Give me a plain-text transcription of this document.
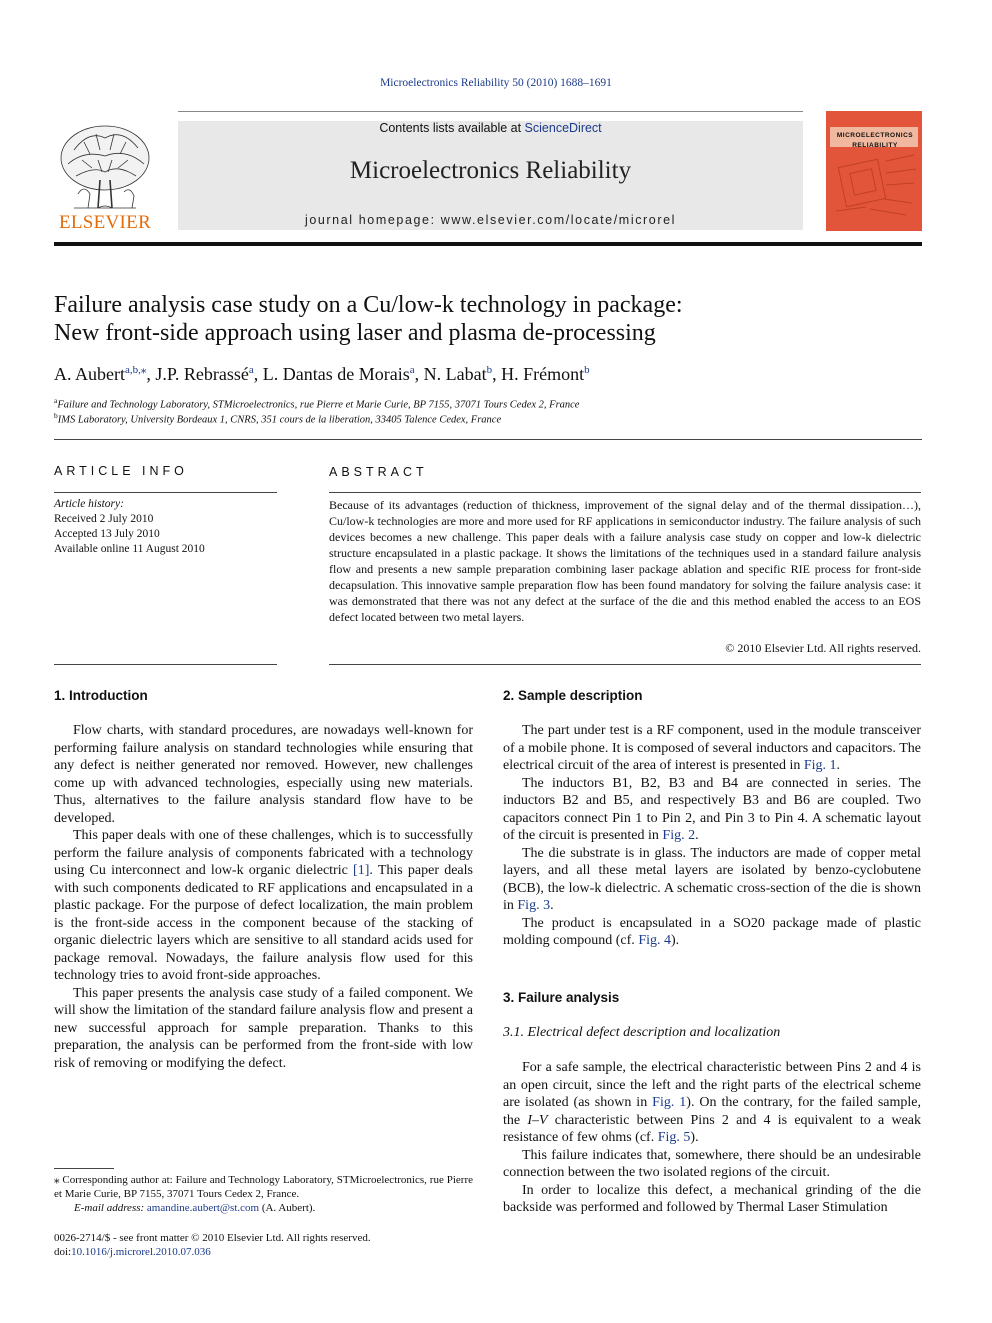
Microelectronics Reliability 50 (2010) 1688–1691
ELSEVIER
Contents lists available at ScienceDirect
Microelectronics Reliability
journal homepage: www.elsevier.com/locate/microrel
MICROELECTRONICS
RELIABILITY
Failure analysis case study on a Cu/low-k technology in package:
New front-side approach using laser and plasma de-processing
A. Aubert$^{a,b,⁎}$, J.P. Rebrassé$^a$, L. Dantas de Morais$^a$, N. Labat$^b$, H. Frémont$^b$
$^a$Failure and Technology Laboratory, STMicroelectronics, rue Pierre et Marie Curie, BP 7155, 37071 Tours Cedex 2, France
$^b$IMS Laboratory, University Bordeaux 1, CNRS, 351 cours de la liberation, 33405 Talence Cedex, France
ARTICLE INFO
Article history:
Received 2 July 2010
Accepted 13 July 2010
Available online 11 August 2010
ABSTRACT
Because of its advantages (reduction of thickness, improvement of the signal delay and of the thermal dissipation…), Cu/low-k technologies are more and more used for RF applications in semiconductor industry. The failure analysis of such devices becomes a new challenge. This paper deals with a failure analysis case study on copper and low-k dielectric structure encapsulated in a plastic package. It shows the limitations of the techniques used in a standard failure analysis flow and presents a new sample preparation combining laser package ablation and specific RIE process for front-side decapsulation. This innovative sample preparation flow has been found mandatory for solving the failure analysis case: it was demonstrated that there was not any defect at the surface of the die and this method enabled the access to an EOS defect located between two metal layers.
© 2010 Elsevier Ltd. All rights reserved.
1. Introduction

Flow charts, with standard procedures, are nowadays well-known for performing failure analysis on standard technologies while ensuring that any defect is neither generated nor removed. However, new challenges come up with advanced technologies, especially using new materials. Thus, alternatives to the failure analysis standard flow have to be developed.

This paper deals with one of these challenges, which is to successfully perform the failure analysis of components fabricated with a technology using Cu interconnect and low-k organic dielectric [1]. This paper deals with such components dedicated to RF applications and encapsulated in a plastic package. For the purpose of defect localization, the main problem is the front-side access in the component because of the stacking of organic dielectric layers which are sensitive to all standard acids used for package removal. Nowadays, the failure analysis flow used for this technology tries to avoid front-side approaches.

This paper presents the analysis case study of a failed component. We will show the limitation of the standard failure analysis flow and present a new successful approach for sample preparation. Thanks to this preparation, the analysis can be performed from the front-side with low risk of removing or modifying the defect.

⁎ Corresponding author at: Failure and Technology Laboratory, STMicroelectronics, rue Pierre et Marie Curie, BP 7155, 37071 Tours Cedex 2, France.
E-mail address: amandine.aubert@st.com (A. Aubert).
0026-2714/$ - see front matter © 2010 Elsevier Ltd. All rights reserved.
doi:10.1016/j.microrel.2010.07.036
2. Sample description

The part under test is a RF component, used in the module transceiver of a mobile phone. It is composed of several inductors and capacitors. The electrical circuit of the area of interest is presented in Fig. 1.

The inductors B1, B2, B3 and B4 are connected in series. The inductors B2 and B5, and respectively B3 and B6 are coupled. Two capacitors connect Pin 1 to Pin 2, and Pin 3 to Pin 4. A schematic layout of the circuit is presented in Fig. 2.

The die substrate is in glass. The inductors are made of copper metal layers, and all these metal layers are isolated by benzo-cyclobutene (BCB), the low-k dielectric. A schematic cross-section of the die is shown in Fig. 3.

The product is encapsulated in a SO20 package made of plastic molding compound (cf. Fig. 4).

3. Failure analysis
3.1. Electrical defect description and localization

For a safe sample, the electrical characteristic between Pins 2 and 4 is an open circuit, since the left and the right parts of the electrical scheme are isolated (as shown in Fig. 1). On the contrary, for the failed sample, the I–V characteristic between Pins 2 and 4 is equivalent to a weak resistance of few ohms (cf. Fig. 5).

This failure indicates that, somewhere, there should be an undesirable connection between the two isolated regions of the circuit.

In order to localize this defect, a mechanical grinding of the die backside was performed and followed by Thermal Laser Stimulation
